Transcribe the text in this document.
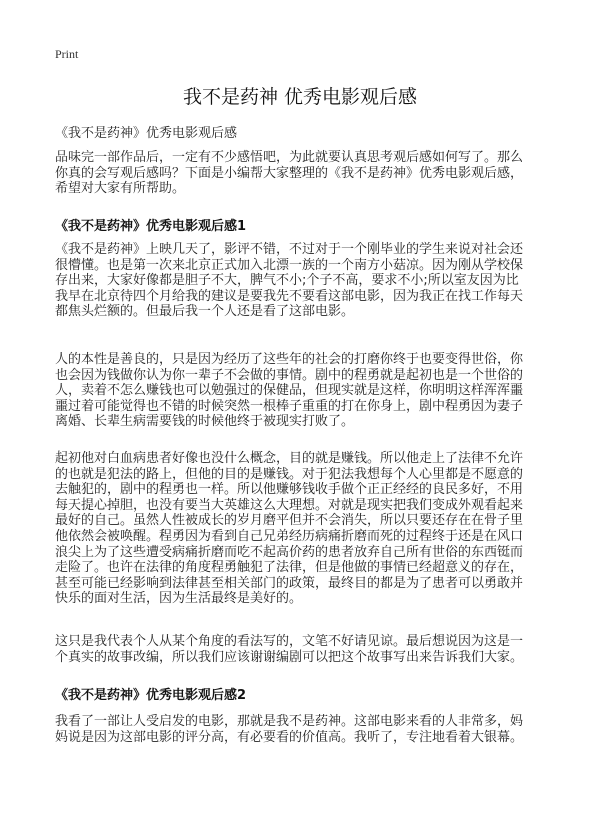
Print
我不是药神 优秀电影观后感
《我不是药神》优秀电影观后感
品味完一部作品后，一定有不少感悟吧，为此就要认真思考观后感如何写了。那么
你真的会写观后感吗？下面是小编帮大家整理的《我不是药神》优秀电影观后感，
希望对大家有所帮助。
《我不是药神》优秀电影观后感1
《我不是药神》上映几天了，影评不错，不过对于一个刚毕业的学生来说对社会还
很懵懂。也是第一次来北京正式加入北漂一族的一个南方小菇凉。因为刚从学校保
存出来，大家好像都是胆子不大，脾气不小;个子不高，要求不小;所以室友因为比
我早在北京待四个月给我的建议是要我先不要看这部电影，因为我正在找工作每天
都焦头烂额的。但最后我一个人还是看了这部电影。
人的本性是善良的，只是因为经历了这些年的社会的打磨你终于也要变得世俗，你
也会因为钱做你认为你一辈子不会做的事情。剧中的程勇就是起初也是一个世俗的
人，卖着不怎么赚钱也可以勉强过的保健品，但现实就是这样，你明明这样浑浑噩
噩过着可能觉得也不错的时候突然一根棒子重重的打在你身上，剧中程勇因为妻子
离婚、长辈生病需要钱的时候他终于被现实打败了。
起初他对白血病患者好像也没什么概念，目的就是赚钱。所以他走上了法律不允许
的也就是犯法的路上，但他的目的是赚钱。对于犯法我想每个人心里都是不愿意的
去触犯的，剧中的程勇也一样。所以他赚够钱收手做个正正经经的良民多好，不用
每天提心掉胆，也没有要当大英雄这么大理想。对就是现实把我们变成外观看起来
最好的自己。虽然人性被成长的岁月磨平但并不会消失，所以只要还存在在骨子里
他依然会被唤醒。程勇因为看到自己兄弟经历病痛折磨而死的过程终于还是在风口
浪尖上为了这些遭受病痛折磨而吃不起高价药的患者放弃自己所有世俗的东西铤而
走险了。也许在法律的角度程勇触犯了法律，但是他做的事情已经超意义的存在，
甚至可能已经影响到法律甚至相关部门的政策，最终目的都是为了患者可以勇敢并
快乐的面对生活，因为生活最终是美好的。
这只是我代表个人从某个角度的看法写的，文笔不好请见谅。最后想说因为这是一
个真实的故事改编，所以我们应该谢谢编剧可以把这个故事写出来告诉我们大家。
《我不是药神》优秀电影观后感2
我看了一部让人受启发的电影，那就是我不是药神。这部电影来看的人非常多，妈
妈说是因为这部电影的评分高，有必要看的价值高。我听了，专注地看着大银幕。
